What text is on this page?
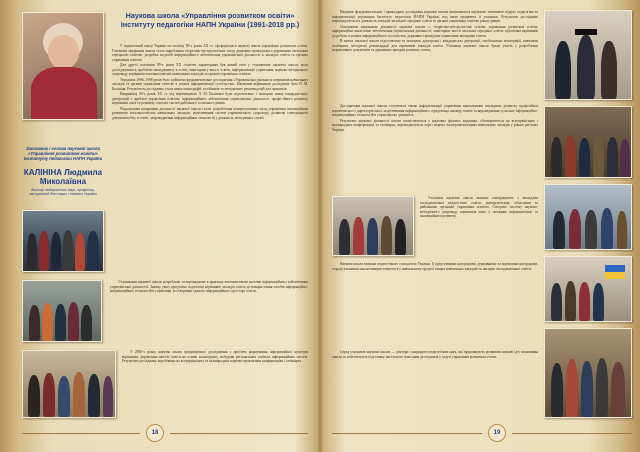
Засновник і голова наукової школи «Управління розвитком освіти» Інституту педагогіки НАПН України
Наукова школа «Управління розвитком освіти» Інституту педагогіки НАПН України (1991-2018 рр.)
КАЛІНІНА Людмила Миколаївна
доктор педагогічних наук, професор, заслужений діяч науки і техніки України

У педагогічній науці України на початку 90-х років ХХ ст. сформувалася наукова школа управління розвитком освіти. Головним завданням школи стало вироблення теоретико-методологічних засад державно-громадського управління загальною середньою освітою, розробка моделей інформаційного забезпечення управлінської діяльності в закладах освіти та органах управління освітою.

Для другої половини 90-х років ХХ століття характерним був новий етап у становленні наукової школи, коли досліджувались проблеми менеджменту в освіті, моніторингу якості освіти, інформатизації управління, науково-методичного супроводу керівників загальноосвітніх навчальних закладів та органів управління освітою.

Упродовж 1996–1998 років було здійснено фундаментальне дослідження «Управлінська діяльність керівників навчальних закладів та органів управління освітою в умовах інформатизації суспільства». Науковим керівником досліджень була Л. М. Калініна. Результатом досліджень стала низка монографій, посібників та методичних рекомендацій для практиків.

Наприкінці 90-х років ХХ ст. під керівництвом Л. М. Калініної було підготовлено і захищено низку кандидатських дисертацій з проблем управління освітою, інформаційного забезпечення управлінської діяльності, професійного розвитку керівників шкіл та розвитку освітніх систем районного та міського рівнів.

Подальшими напрямами діяльності наукової школи стали: розроблення концептуальних засад управління інноваційним розвитком загальноосвітніх навчальних закладів, моделювання систем управлінського супроводу, розвиток електронного документообігу в освіті, запровадження інформаційних технологій у діяльність методичних служб.

Учасниками наукової школи розроблено та впроваджено в практику автоматизовані системи інформаційного забезпечення управлінської діяльності. Значну увагу приділено підготовці керівників закладів освіти до використання засобів інформаційно-комунікаційних технологій в управлінні та створення єдиного інформаційного простору освіти.

У 2000-х роках наукова школа продовжувала дослідження з проблем формування інформаційної культури керівників, управління якістю освіти на основі моніторингу, побудови регіональних освітніх інформаційних систем. Результати досліджень апробовано на всеукраїнських та міжнародних науково-практичних конференціях і семінарах.

18

Напрями фундаментальних і прикладних досліджень наукової школи визначаються науковою тематикою відділу педагогіки та інформатизації управління Інституту педагогіки НАПН України, над якою працюють її учасники. Результати досліджень впроваджуються в діяльність закладів загальної середньої освіти та органів управління освітою різних рівнів.

Основними напрямами діяльності наукової школи є: теоретико-методологічні основи управління розвитком освіти; інформаційно-аналітичне забезпечення управлінської діяльності; моніторинг якості загальної середньої освіти; підготовка керівників до роботи в умовах інформаційного суспільства; державно-громадське управління закладами освіти.

В межах наукової школи підготовлено та захищено докторські і кандидатські дисертації, опубліковано монографії, навчальні посібники, методичні рекомендації для керівників закладів освіти. Учасники наукової школи брали участь у розробленні нормативних документів та державних програм розвитку освіти.

Дослідження наукової школи стосуються також інформатизації управління навчальними закладами, розвитку професійної компетентності директорів шкіл, моделювання інформаційного середовища закладу освіти та впровадження сучасних інформаційно-комунікаційних технологій в управлінську діяльність.

Результати наукової діяльності школи висвітлюються у наукових фахових виданнях, обговорюються на всеукраїнських і міжнародних конференціях та семінарах, впроваджуються через мережу експериментальних навчальних закладів у різних регіонах України.

Учасники наукової школи активно співпрацюють з закладами післядипломної педагогічної освіти, університетами, обласними та районними органами управління освітою. Створено систему науково-методичного супроводу керівників шкіл у питаннях інформатизації та інноваційного розвитку.

Наукова школа визнана педагогічною спільнотою України. Її представники нагороджені державними та відомчими нагородами, а праці учасників школи використовуються у навчальному процесі вищих навчальних закладів та закладів післядипломної освіти.

Серед учасників наукової школи — доктори і кандидати педагогічних наук, які продовжують розвивати наукові ідеї засновника школи та забезпечують підготовку наступного покоління дослідників у галузі управління розвитком освіти.

19
